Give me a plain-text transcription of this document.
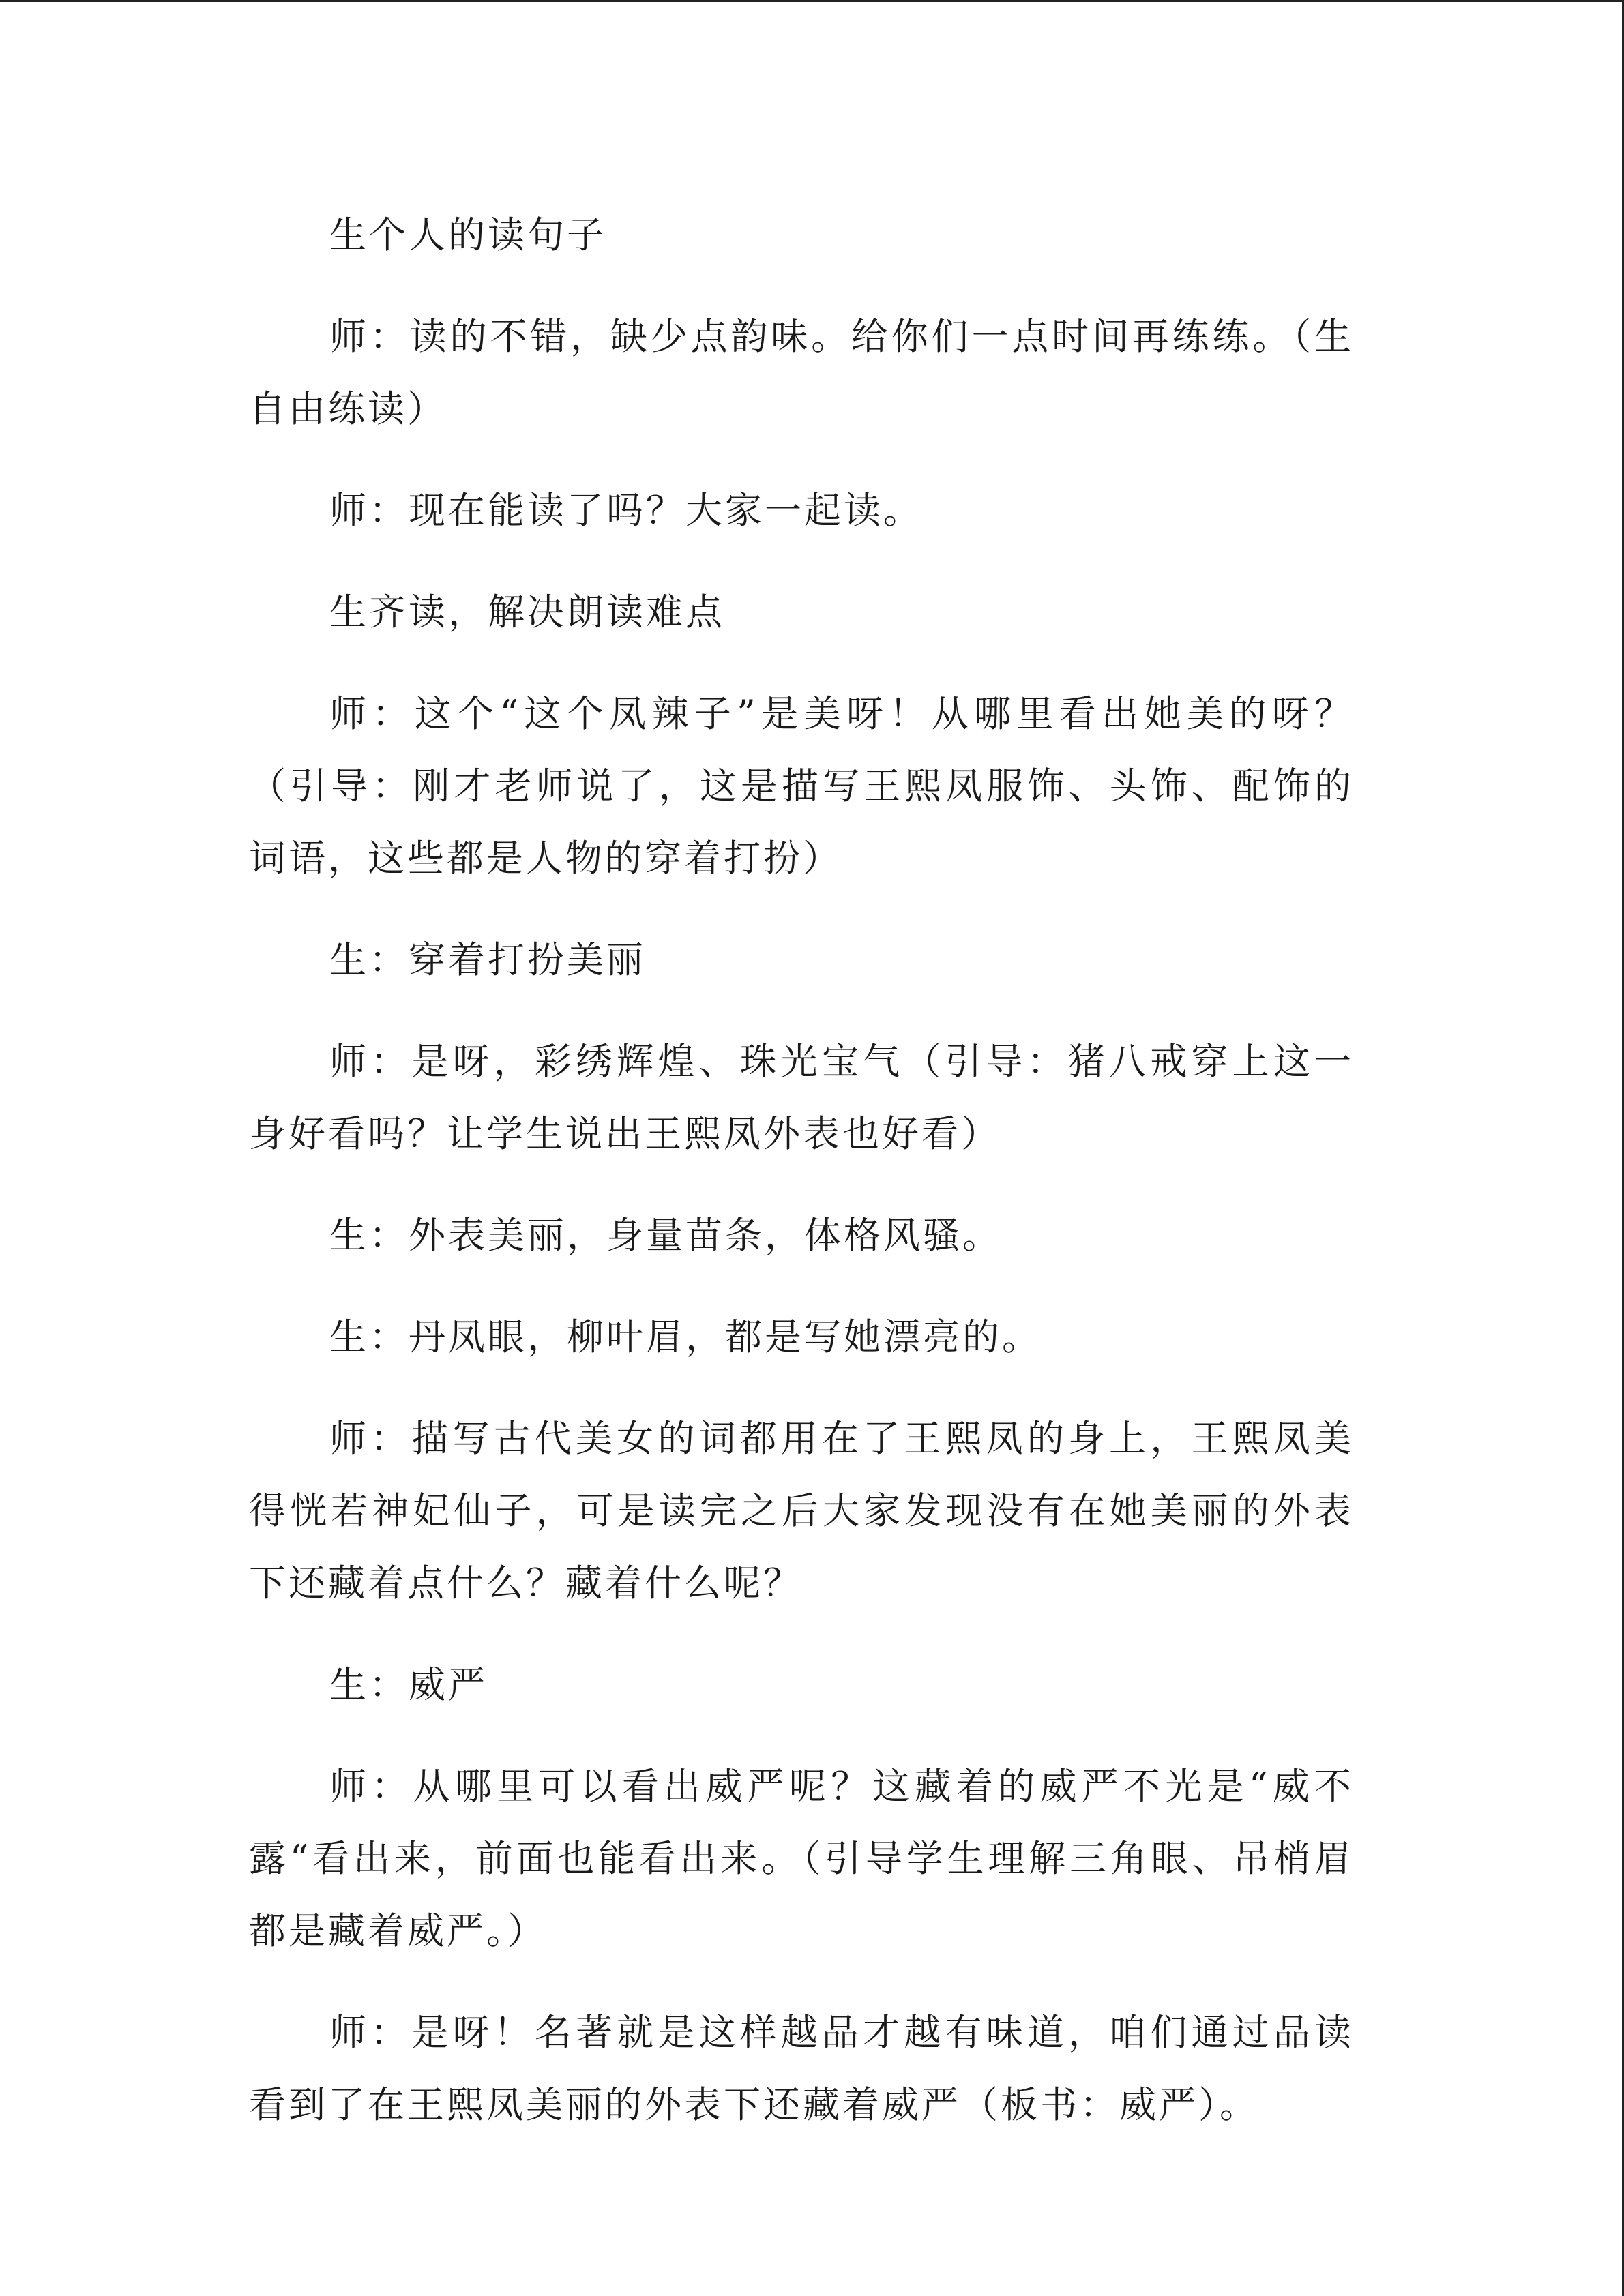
生个人的读句子

师：读的不错，缺少点韵味。给你们一点时间再练练。（生自由练读）

师：现在能读了吗？大家一起读。

生齐读，解决朗读难点

师：这个“这个凤辣子”是美呀！从哪里看出她美的呀？（引导：刚才老师说了，这是描写王熙凤服饰、头饰、配饰的词语，这些都是人物的穿着打扮）

生：穿着打扮美丽

师：是呀，彩绣辉煌、珠光宝气（引导：猪八戒穿上这一身好看吗？让学生说出王熙凤外表也好看）

生：外表美丽，身量苗条，体格风骚。

生：丹凤眼，柳叶眉，都是写她漂亮的。

师：描写古代美女的词都用在了王熙凤的身上，王熙凤美得恍若神妃仙子，可是读完之后大家发现没有在她美丽的外表下还藏着点什么？藏着什么呢？

生：威严

师：从哪里可以看出威严呢？这藏着的威严不光是“威不露“看出来，前面也能看出来。（引导学生理解三角眼、吊梢眉都是藏着威严。）

师：是呀！名著就是这样越品才越有味道，咱们通过品读看到了在王熙凤美丽的外表下还藏着威严（板书：威严）。
